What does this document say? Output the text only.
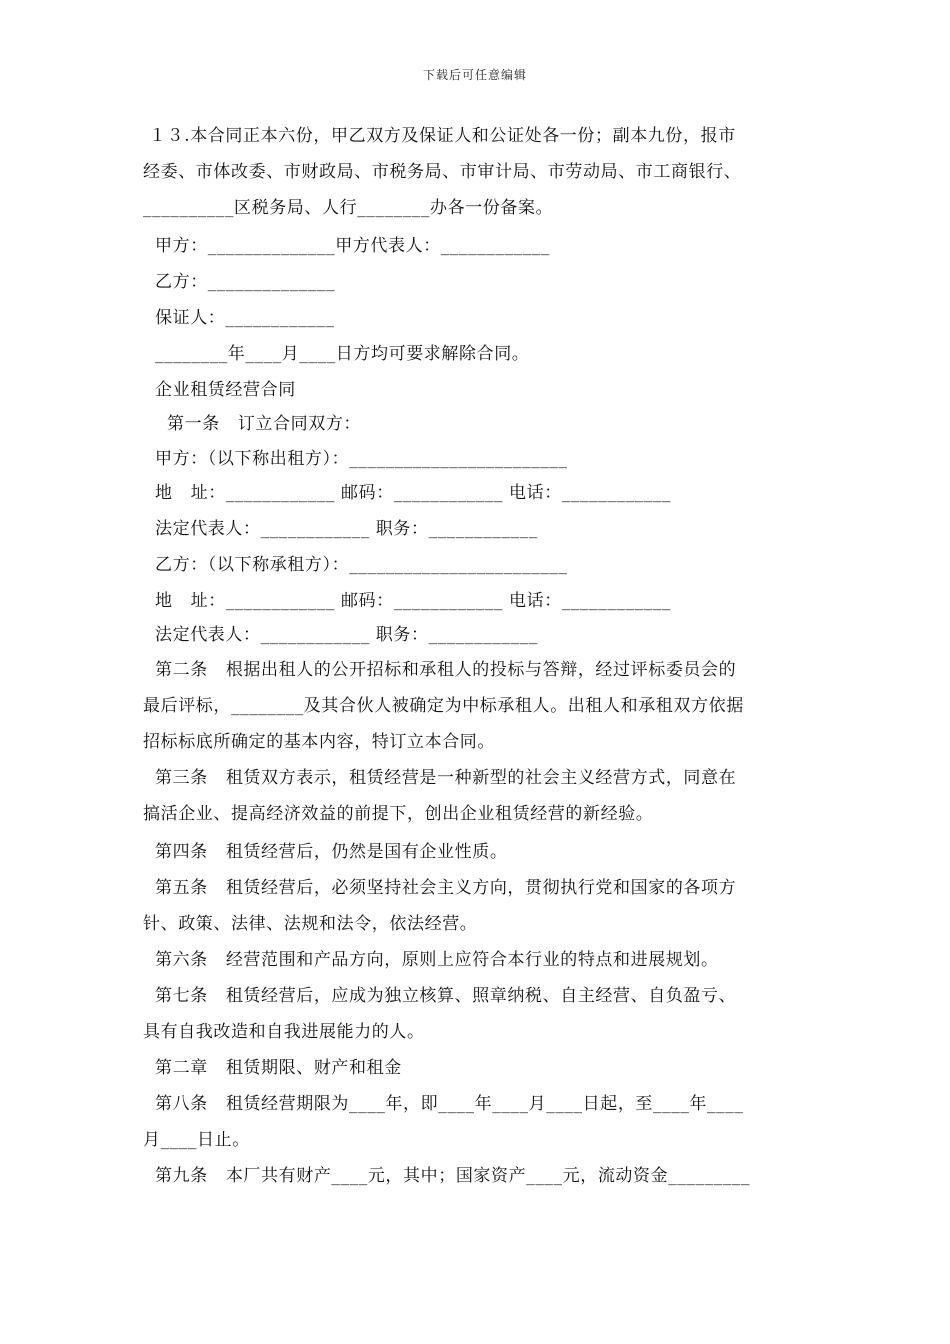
下载后可任意编辑
１３.本合同正本六份，甲乙双方及保证人和公证处各一份；副本九份，报市
经委、市体改委、市财政局、市税务局、市审计局、市劳动局、市工商银行、
__________区税务局、人行________办各一份备案。
甲方：______________甲方代表人：____________
乙方：______________
保证人：____________
________年____月____日方均可要求解除合同。
企业租赁经营合同
第一条   订立合同双方：
甲方：（以下称出租方）：________________________
地   址：____________ 邮码：____________ 电话：____________
法定代表人：____________ 职务：____________
乙方：（以下称承租方）：________________________
地   址：____________ 邮码：____________ 电话：____________
法定代表人：____________ 职务：____________
第二条   根据出租人的公开招标和承租人的投标与答辩，经过评标委员会的
最后评标，________及其合伙人被确定为中标承租人。出租人和承租双方依据
招标标底所确定的基本内容，特订立本合同。
第三条   租赁双方表示，租赁经营是一种新型的社会主义经营方式，同意在
搞活企业、提高经济效益的前提下，创出企业租赁经营的新经验。
第四条   租赁经营后，仍然是国有企业性质。
第五条   租赁经营后，必须坚持社会主义方向，贯彻执行党和国家的各项方
针、政策、法律、法规和法令，依法经营。
第六条   经营范围和产品方向，原则上应符合本行业的特点和进展规划。
第七条   租赁经营后，应成为独立核算、照章纳税、自主经营、自负盈亏、
具有自我改造和自我进展能力的人。
第二章   租赁期限、财产和租金
第八条   租赁经营期限为____年，即____年____月____日起，至____年____
月____日止。
第九条   本厂共有财产____元，其中；国家资产____元，流动资金_________
